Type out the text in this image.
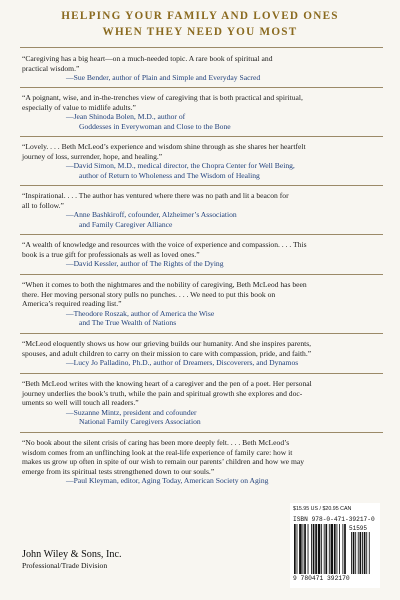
HELPING YOUR FAMILY AND LOVED ONES
WHEN THEY NEED YOU MOST
“Caregiving has a big heart—on a much-needed topic. A rare book of spiritual and
practical wisdom.”
—Sue Bender, author of Plain and Simple and Everyday Sacred
“A poignant, wise, and in-the-trenches view of caregiving that is both practical and spiritual,
especially of value to midlife adults.”
—Jean Shinoda Bolen, M.D., author of
Goddesses in Everywoman and Close to the Bone
“Lovely. . . . Beth McLeod’s experience and wisdom shine through as she shares her heartfelt
journey of loss, surrender, hope, and healing.”
—David Simon, M.D., medical director, the Chopra Center for Well Being,
author of Return to Wholeness and The Wisdom of Healing
“Inspirational. . . . The author has ventured where there was no path and lit a beacon for
all to follow.”
—Anne Bashkiroff, cofounder, Alzheimer’s Association
and Family Caregiver Alliance
“A wealth of knowledge and resources with the voice of experience and compassion. . . . This
book is a true gift for professionals as well as loved ones.”
—David Kessler, author of The Rights of the Dying
“When it comes to both the nightmares and the nobility of caregiving, Beth McLeod has been
there. Her moving personal story pulls no punches. . . . We need to put this book on
America’s required reading list.”
—Theodore Roszak, author of America the Wise
and The True Wealth of Nations
“McLeod eloquently shows us how our grieving builds our humanity. And she inspires parents,
spouses, and adult children to carry on their mission to care with compassion, pride, and faith.”
—Lucy Jo Palladino, Ph.D., author of Dreamers, Discoverers, and Dynamos
“Beth McLeod writes with the knowing heart of a caregiver and the pen of a poet. Her personal
journey underlies the book’s truth, while the pain and spiritual growth she explores and doc-
uments so well will touch all readers.”
—Suzanne Mintz, president and cofounder
National Family Caregivers Association
“No book about the silent crisis of caring has been more deeply felt. . . . Beth McLeod’s
wisdom comes from an unflinching look at the real-life experience of family care: how it
makes us grow up often in spite of our wish to remain our parents’ children and how we may
emerge from its spiritual tests strengthened down to our souls.”
—Paul Kleyman, editor, Aging Today, American Society on Aging
$15.95 US / $20.95 CAN
ISBN 978-0-471-39217-0
51595
9 780471 392170
John Wiley & Sons, Inc.
Professional/Trade Division
